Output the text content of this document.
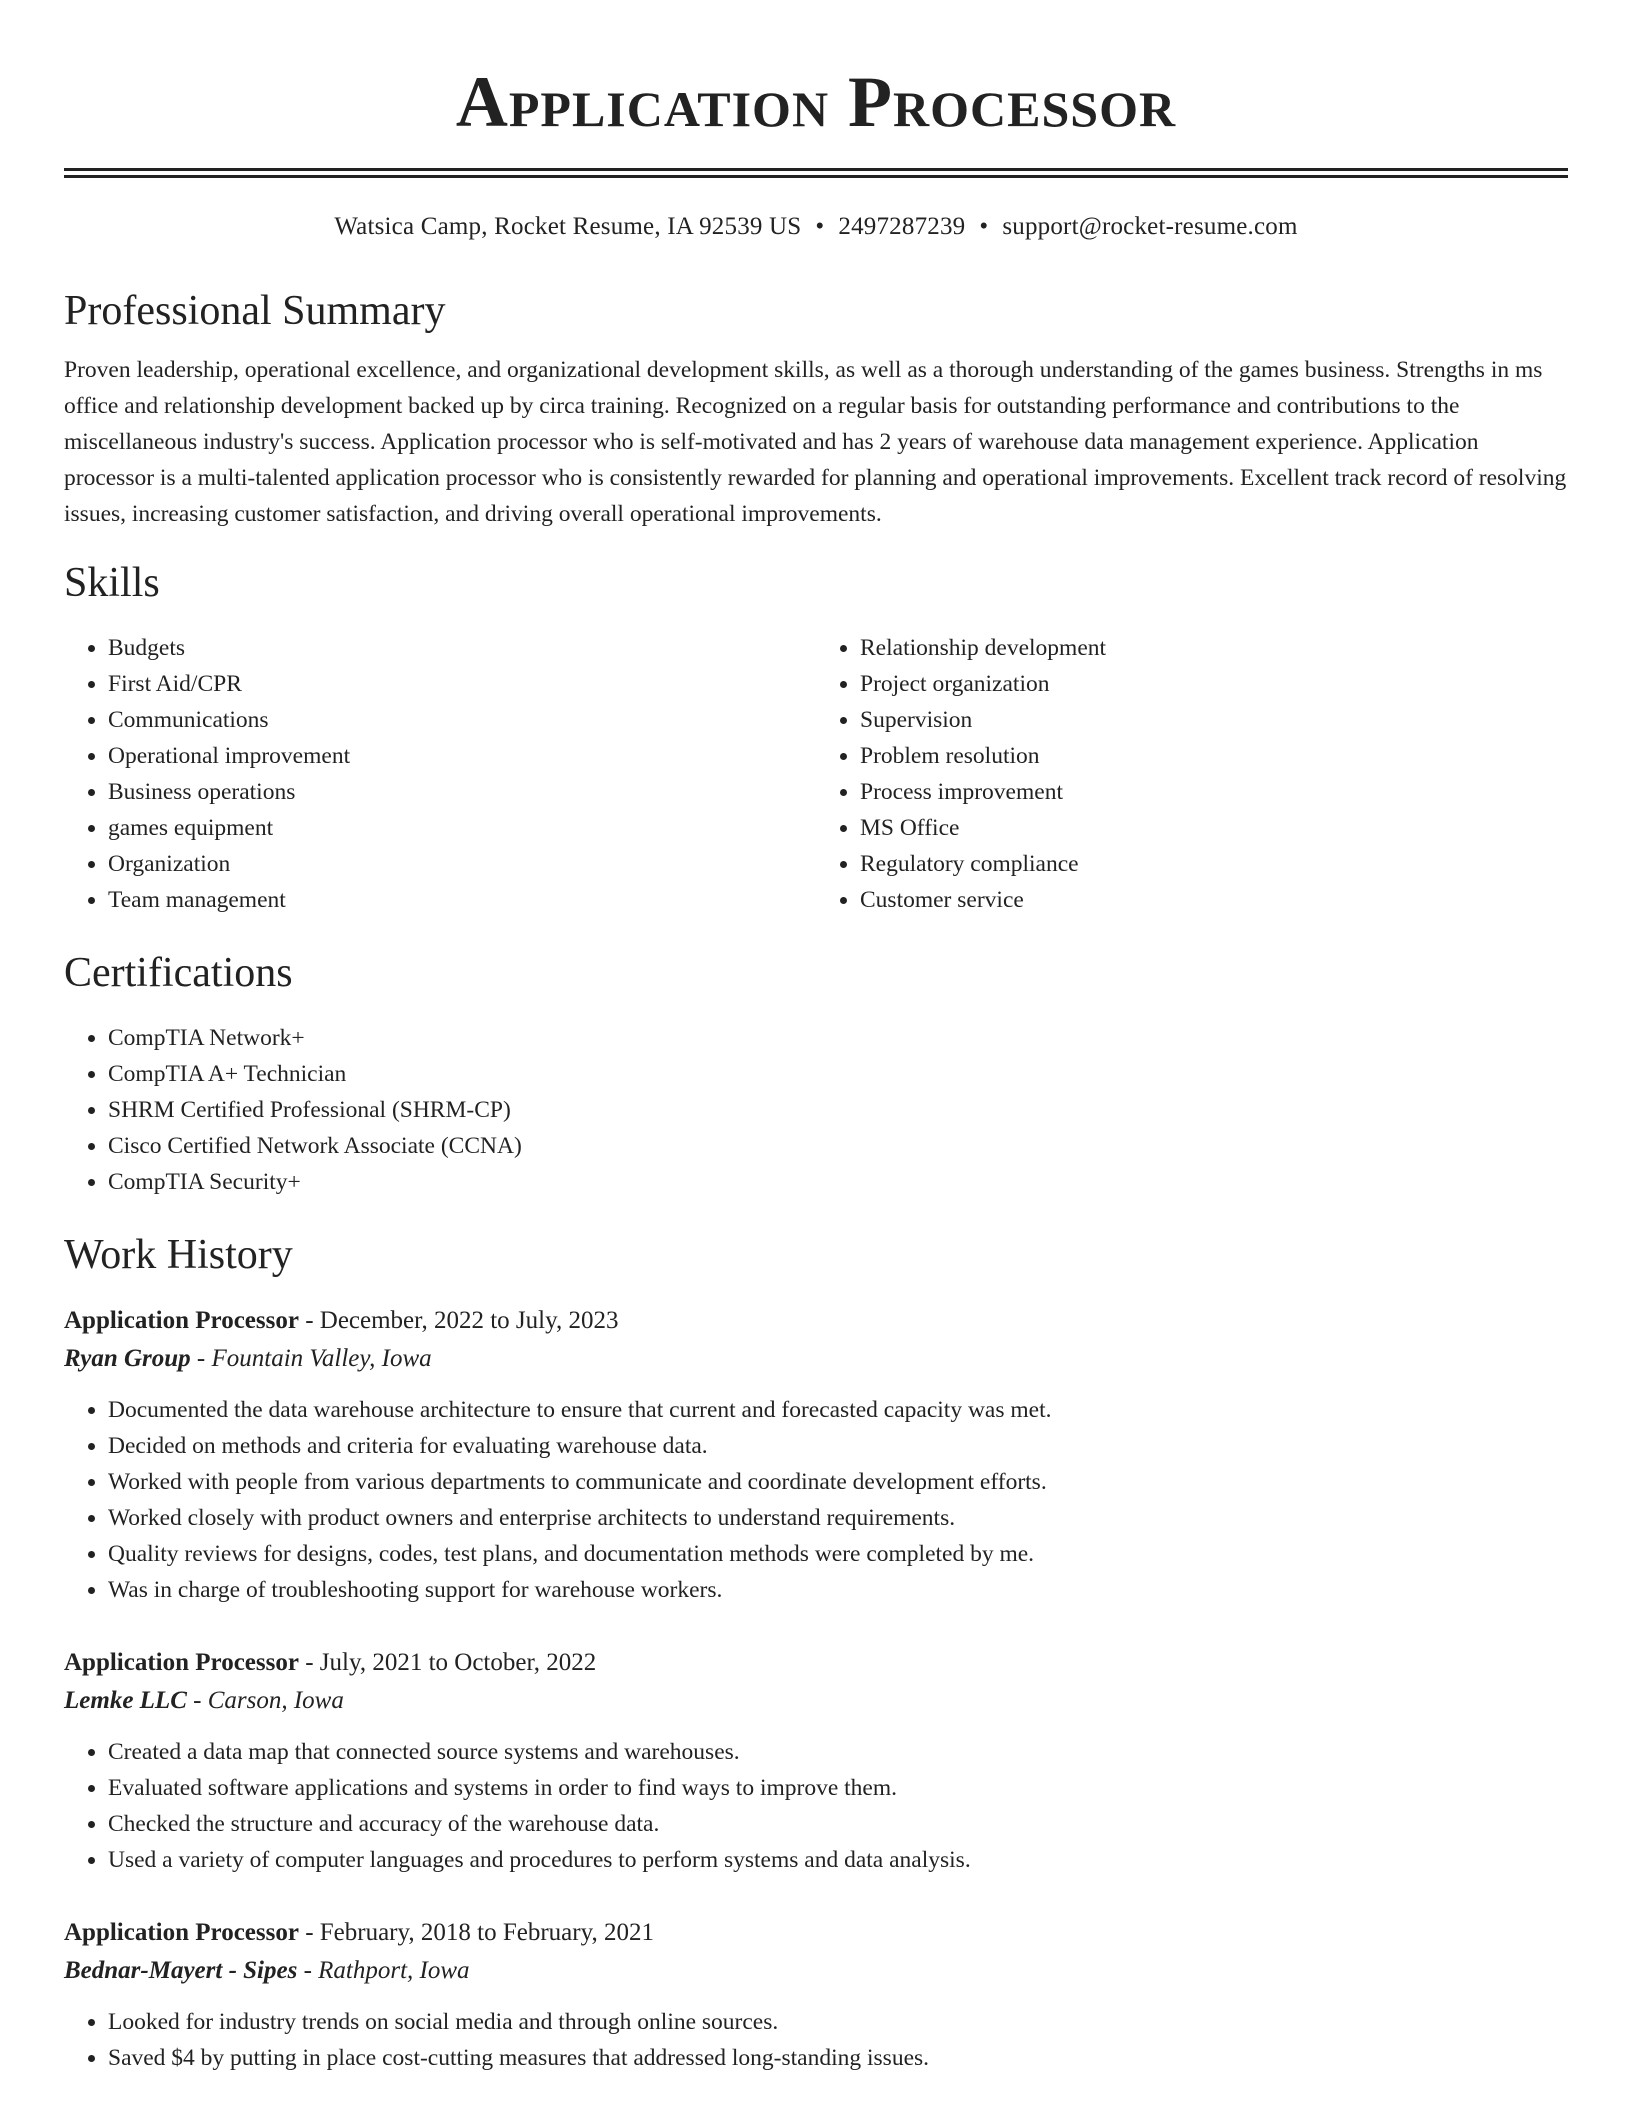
Application Processor
Watsica Camp, Rocket Resume, IA 92539 US • 2497287239 • support@rocket-resume.com
Professional Summary

Proven leadership, operational excellence, and organizational development skills, as well as a thorough understanding of the games business. Strengths in ms office and relationship development backed up by circa training. Recognized on a regular basis for outstanding performance and contributions to the miscellaneous industry's success. Application processor who is self-motivated and has 2 years of warehouse data management experience. Application processor is a multi-talented application processor who is consistently rewarded for planning and operational improvements. Excellent track record of resolving issues, increasing customer satisfaction, and driving overall operational improvements.

Skills
• Budgets
• First Aid/CPR
• Communications
• Operational improvement
• Business operations
• games equipment
• Organization
• Team management
• Relationship development
• Project organization
• Supervision
• Problem resolution
• Process improvement
• MS Office
• Regulatory compliance
• Customer service
Certifications
• CompTIA Network+
• CompTIA A+ Technician
• SHRM Certified Professional (SHRM-CP)
• Cisco Certified Network Associate (CCNA)
• CompTIA Security+
Work History
Application Processor - December, 2022 to July, 2023
Ryan Group - Fountain Valley, Iowa
• Documented the data warehouse architecture to ensure that current and forecasted capacity was met.
• Decided on methods and criteria for evaluating warehouse data.
• Worked with people from various departments to communicate and coordinate development efforts.
• Worked closely with product owners and enterprise architects to understand requirements.
• Quality reviews for designs, codes, test plans, and documentation methods were completed by me.
• Was in charge of troubleshooting support for warehouse workers.
Application Processor - July, 2021 to October, 2022
Lemke LLC - Carson, Iowa
• Created a data map that connected source systems and warehouses.
• Evaluated software applications and systems in order to find ways to improve them.
• Checked the structure and accuracy of the warehouse data.
• Used a variety of computer languages and procedures to perform systems and data analysis.
Application Processor - February, 2018 to February, 2021
Bednar-Mayert - Sipes - Rathport, Iowa
• Looked for industry trends on social media and through online sources.
• Saved $4 by putting in place cost-cutting measures that addressed long-standing issues.
